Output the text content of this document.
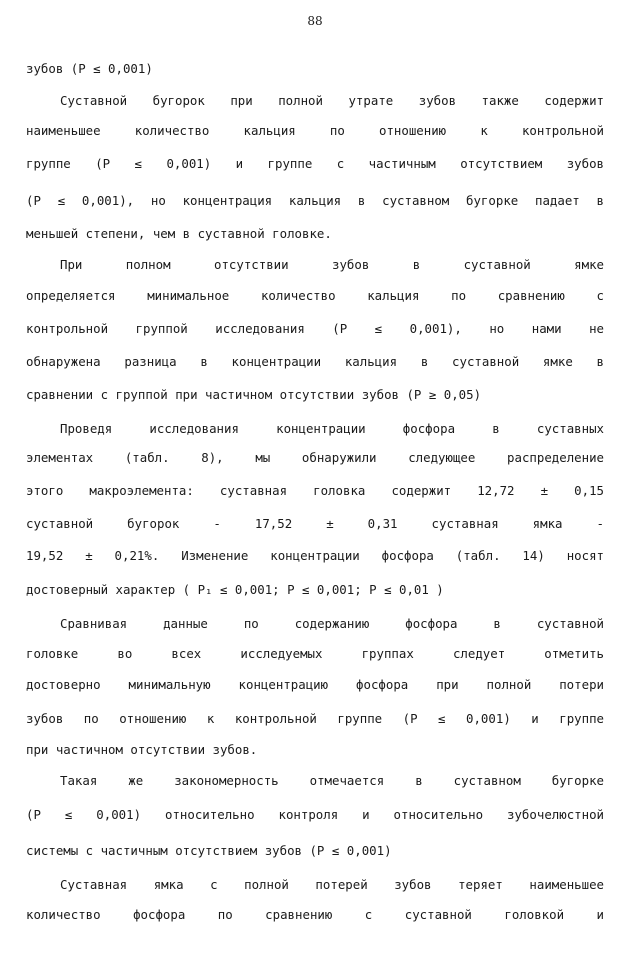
88
зубов (P ≤ 0,001)
Суставной бугорок при полной утрате зубов также содержит
наименьшее количество кальция по отношению к контрольной
группе (P ≤ 0,001) и группе с частичным отсутствием зубов
(P ≤ 0,001), но концентрация кальция в суставном бугорке падает в
меньшей степени, чем в суставной головке.
При полном отсутствии зубов в суставной ямке
определяется минимальное количество кальция по сравнению с
контрольной группой исследования (P ≤ 0,001), но нами не
обнаружена разница в концентрации кальция в суставной ямке в
сравнении с группой при частичном отсутствии зубов (P ≥ 0,05)
Проведя исследования концентрации фосфора в суставных
элементах (табл. 8), мы обнаружили следующее распределение
этого макроэлемента: суставная головка содержит 12,72 ± 0,15
суставной бугорок - 17,52 ± 0,31 суставная ямка -
19,52 ± 0,21%. Изменение концентрации фосфора (табл. 14) носят
достоверный характер ( P₁ ≤ 0,001; P ≤ 0,001; P ≤ 0,01 )
Сравнивая данные по содержанию фосфора в суставной
головке во всех исследуемых группах следует отметить
достоверно минимальную концентрацию фосфора при полной потери
зубов по отношению к контрольной группе (P ≤ 0,001) и группе
при частичном отсутствии зубов.
Такая же закономерность отмечается в суставном бугорке
(P ≤ 0,001) относительно контроля и относительно зубочелюстной
системы с частичным отсутствием зубов (P ≤ 0,001)
Суставная ямка с полной потерей зубов теряет наименьшее
количество фосфора по сравнению с суставной головкой и
